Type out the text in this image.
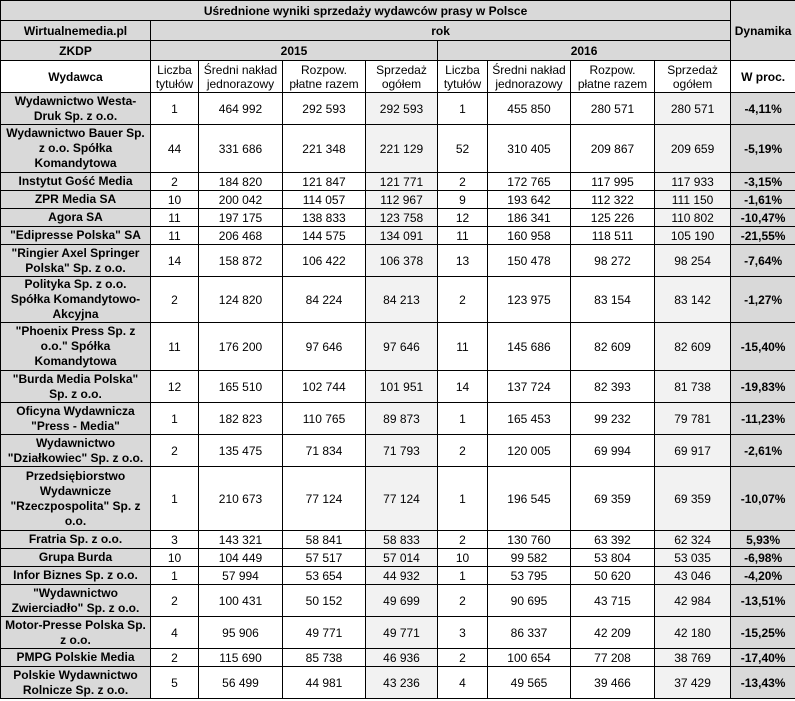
Uśrednione wyniki sprzedaży wydawców prasy w Polsce									Dynamika
Wirtualnemedia.pl	rok								
ZKDP	2015				2016				
Wydawca	Liczba tytułów	Średni nakład jednorazowy	Rozpow. płatne razem	Sprzedaż ogółem	Liczba tytułów	Średni nakład jednorazowy	Rozpow. płatne razem	Sprzedaż ogółem	W proc.
Wydawnictwo Westa-Druk Sp. z o.o.	1	464 992	292 593	292 593	1	455 850	280 571	280 571	-4,11%
Wydawnictwo Bauer Sp. z o.o. Spółka Komandytowa	44	331 686	221 348	221 129	52	310 405	209 867	209 659	-5,19%
Instytut Gość Media	2	184 820	121 847	121 771	2	172 765	117 995	117 933	-3,15%
ZPR Media SA	10	200 042	114 057	112 967	9	193 642	112 322	111 150	-1,61%
Agora SA	11	197 175	138 833	123 758	12	186 341	125 226	110 802	-10,47%
"Edipresse Polska" SA	11	206 468	144 575	134 091	11	160 958	118 511	105 190	-21,55%
"Ringier Axel Springer Polska" Sp. z o.o.	14	158 872	106 422	106 378	13	150 478	98 272	98 254	-7,64%
Polityka Sp. z o.o. Spółka Komandytowo-Akcyjna	2	124 820	84 224	84 213	2	123 975	83 154	83 142	-1,27%
"Phoenix Press Sp. z o.o." Spółka Komandytowa	11	176 200	97 646	97 646	11	145 686	82 609	82 609	-15,40%
"Burda Media Polska" Sp. z o.o.	12	165 510	102 744	101 951	14	137 724	82 393	81 738	-19,83%
Oficyna Wydawnicza "Press - Media"	1	182 823	110 765	89 873	1	165 453	99 232	79 781	-11,23%
Wydawnictwo "Działkowiec" Sp. z o.o.	2	135 475	71 834	71 793	2	120 005	69 994	69 917	-2,61%
Przedsiębiorstwo Wydawnicze "Rzeczpospolita" Sp. z o.o.	1	210 673	77 124	77 124	1	196 545	69 359	69 359	-10,07%
Fratria Sp. z o.o.	3	143 321	58 841	58 833	2	130 760	63 392	62 324	5,93%
Grupa Burda	10	104 449	57 517	57 014	10	99 582	53 804	53 035	-6,98%
Infor Biznes Sp. z o.o.	1	57 994	53 654	44 932	1	53 795	50 620	43 046	-4,20%
"Wydawnictwo Zwierciadło" Sp. z o.o.	2	100 431	50 152	49 699	2	90 695	43 715	42 984	-13,51%
Motor-Presse Polska Sp. z o.o.	4	95 906	49 771	49 771	3	86 337	42 209	42 180	-15,25%
PMPG Polskie Media	2	115 690	85 738	46 936	2	100 654	77 208	38 769	-17,40%
Polskie Wydawnictwo Rolnicze Sp. z o.o.	5	56 499	44 981	43 236	4	49 565	39 466	37 429	-13,43%
